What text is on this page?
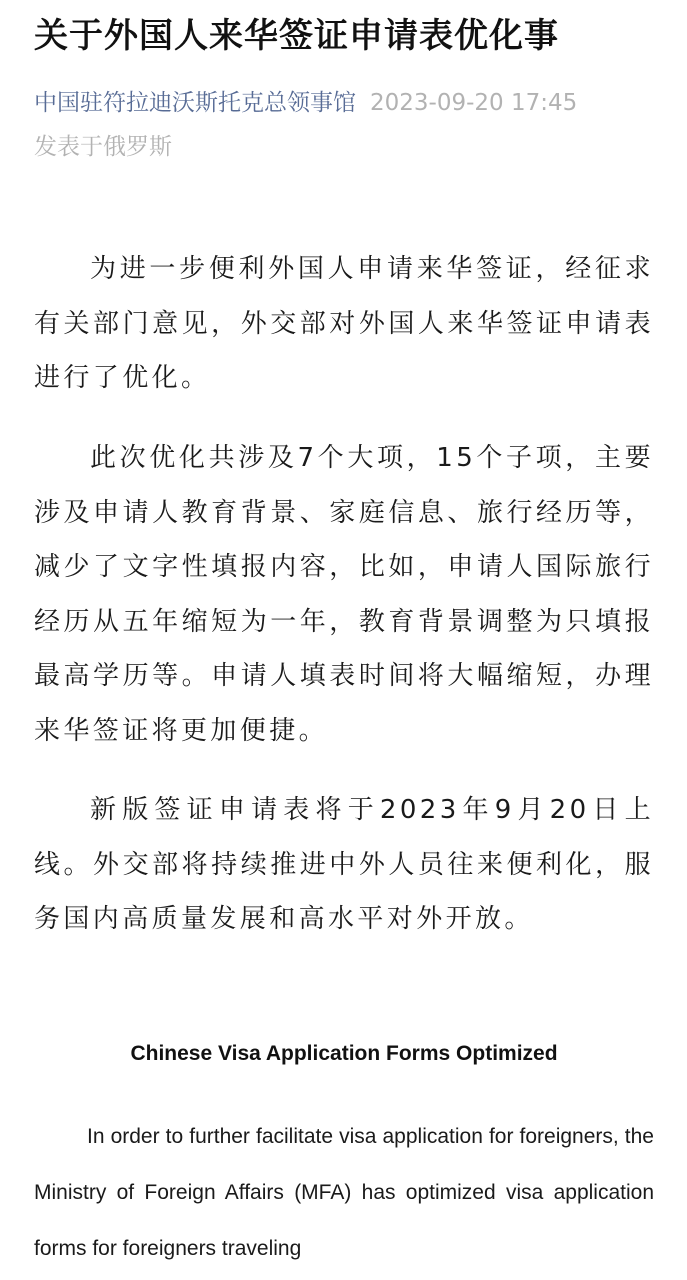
关于外国人来华签证申请表优化事
中国驻符拉迪沃斯托克总领事馆 2023-09-20 17:45
发表于俄罗斯

为进一步便利外国人申请来华签证，经征求有关部门意见，外交部对外国人来华签证申请表进行了优化。

此次优化共涉及7个大项，15个子项，主要涉及申请人教育背景、家庭信息、旅行经历等，减少了文字性填报内容，比如，申请人国际旅行经历从五年缩短为一年，教育背景调整为只填报最高学历等。申请人填表时间将大幅缩短，办理来华签证将更加便捷。

新版签证申请表将于2023年9月20日上线。外交部将持续推进中外人员往来便利化，服务国内高质量发展和高水平对外开放。

Chinese Visa Application Forms Optimized

In order to further facilitate visa application for foreigners, the Ministry of Foreign Affairs (MFA) has optimized visa application forms for foreigners traveling
